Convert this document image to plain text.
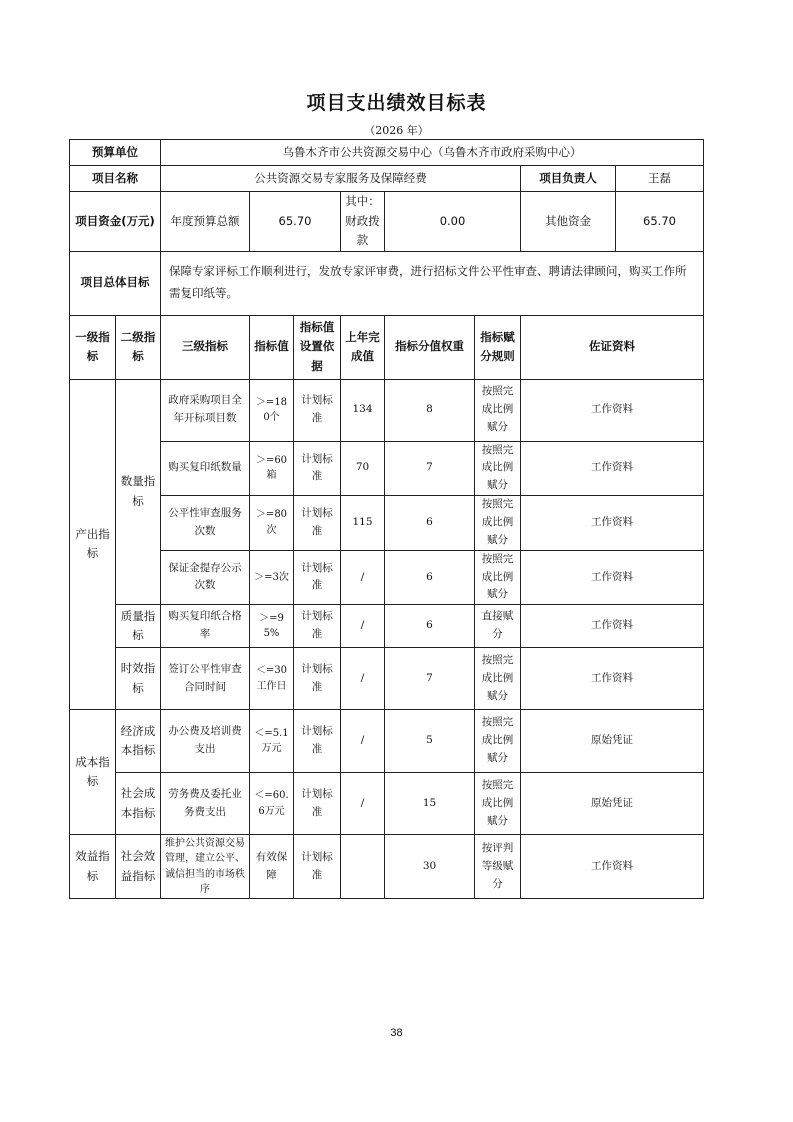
项目支出绩效目标表
（2026 年）
预算单位		乌鲁木齐市公共资源交易中心（乌鲁木齐市政府采购中心）							
项目名称		公共资源交易专家服务及保障经费						项目负责人	王磊
项目资金(万元)		年度预算总额	65.70		其中：财政拨款	0.00		其他资金	65.70
项目总体目标		保障专家评标工作顺利进行，发放专家评审费，进行招标文件公平性审查、聘请法律顾问，购买工作所需复印纸等。							
一级指标	二级指标	三级指标	指标值	指标值设置依据	上年完成值	指标分值权重	指标赋分规则	佐证资料	
产出指标	数量指标	政府采购项目全年开标项目数	＞=180个	计划标准	134	8	按照完成比例赋分	工作资料	
		购买复印纸数量	＞=60箱	计划标准	70	7	按照完成比例赋分	工作资料	
		公平性审查服务次数	＞=80次	计划标准	115	6	按照完成比例赋分	工作资料	
		保证金提存公示次数	＞=3次	计划标准	/	6	按照完成比例赋分	工作资料	
	质量指标	购买复印纸合格率	＞=95%	计划标准	/	6	直接赋分	工作资料	
	时效指标	签订公平性审查合同时间	＜=30工作日	计划标准	/	7	按照完成比例赋分	工作资料	
成本指标	经济成本指标	办公费及培训费支出	＜=5.1万元	计划标准	/	5	按照完成比例赋分	原始凭证	
	社会成本指标	劳务费及委托业务费支出	＜=60.6万元	计划标准	/	15	按照完成比例赋分	原始凭证	
效益指标	社会效益指标	维护公共资源交易管理，建立公平、诚信担当的市场秩序	有效保障	计划标准		30	按评判等级赋分	工作资料	
38
